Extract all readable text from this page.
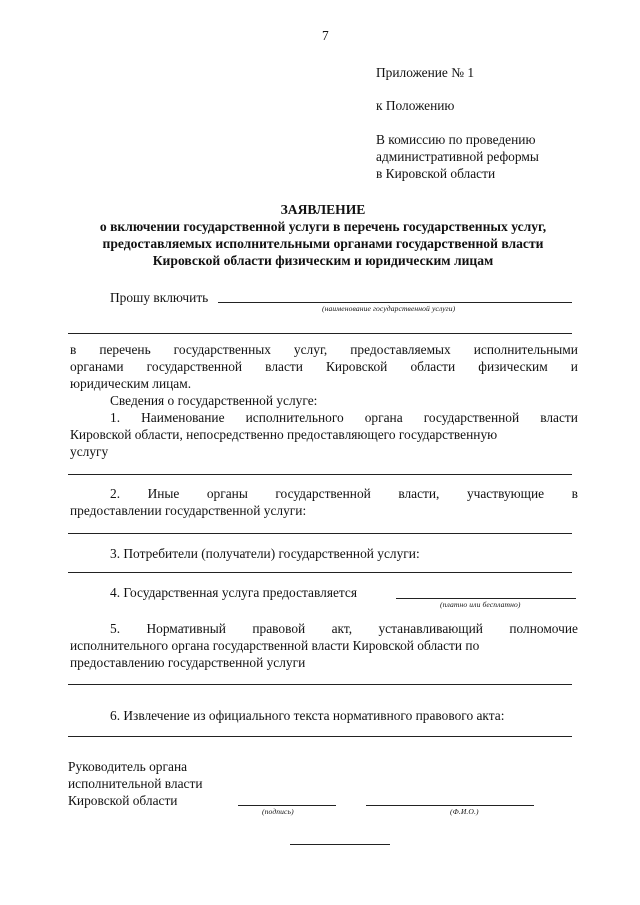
7
Приложение № 1
к Положению
В комиссию по проведению
административной реформы
в Кировской области
ЗАЯВЛЕНИЕ
о включении государственной услуги в перечень государственных услуг,
предоставляемых исполнительными органами государственной власти
Кировской области физическим и юридическим лицам
Прошу включить
(наименование государственной услуги)
в перечень государственных услуг, предоставляемых исполнительными
органами государственной власти Кировской области физическим и
юридическим лицам.
Сведения о государственной услуге:
1. Наименование исполнительного органа государственной власти
Кировской области, непосредственно предоставляющего государственную
услугу
2. Иные органы государственной власти, участвующие в
предоставлении государственной услуги:
3. Потребители (получатели) государственной услуги:
4. Государственная услуга предоставляется
(платно или бесплатно)
5. Нормативный правовой акт, устанавливающий полномочие
исполнительного органа государственной власти Кировской области по
предоставлению государственной услуги
6. Извлечение из официального текста нормативного правового акта:
Руководитель органа
исполнительной власти
Кировской области
(подпись)	(Ф.И.О.)
